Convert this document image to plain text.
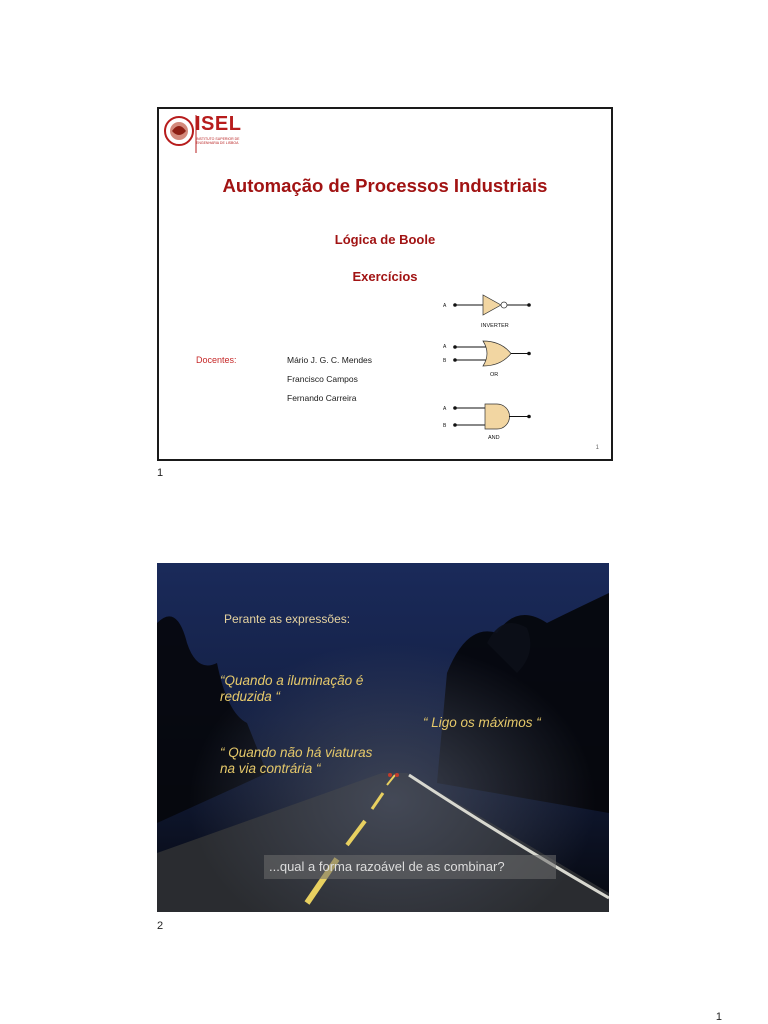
ISEL
INSTITUTO SUPERIOR DE ENGENHARIA DE LISBOA
Automação de Processos Industriais
Lógica de Boole
Exercícios
Docentes:	Mário J. G. C. Mendes
Francisco Campos
Fernando Carreira
A
INVERTER
A
B
OR
A
B
AND
1
1
Perante as expressões:
“Quando a iluminação é
reduzida “
“ Ligo os máximos “
“ Quando não há viaturas
na via contrária “
...qual a forma razoável de as combinar?
2
1
